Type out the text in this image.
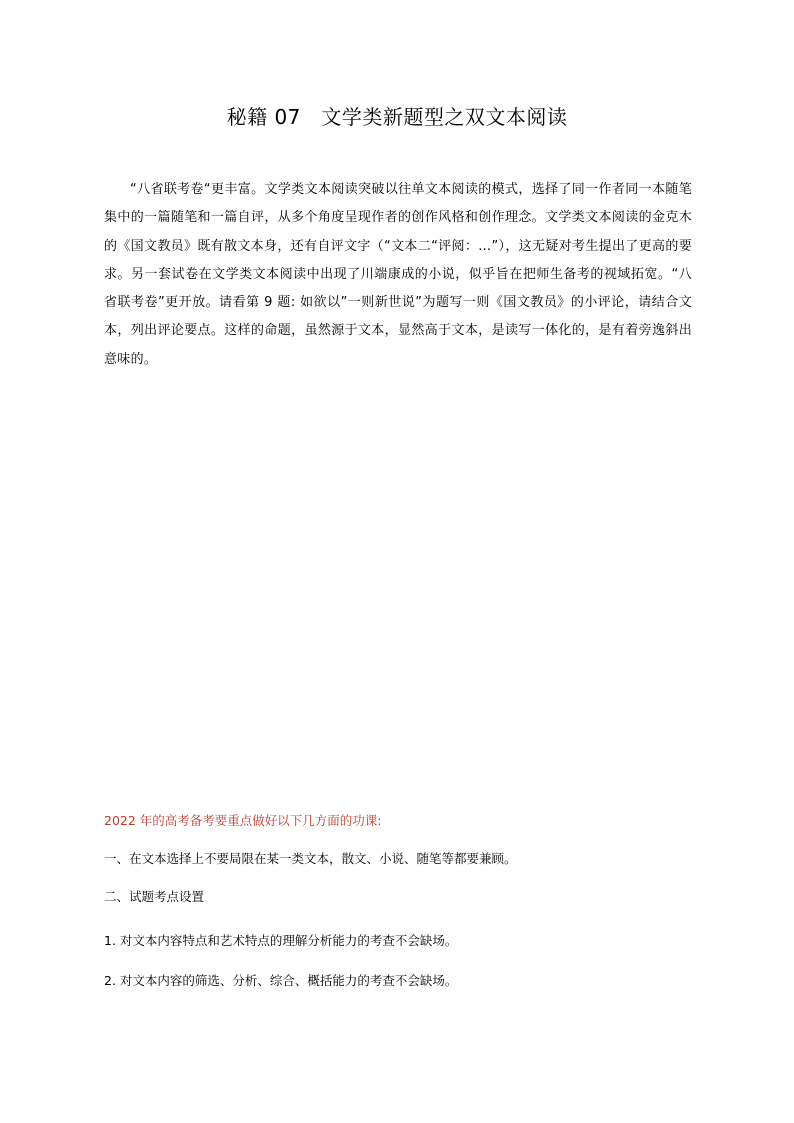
秘籍 07　文学类新题型之双文本阅读

“八省联考卷“更丰富。文学类文本阅读突破以往单文本阅读的模式，选择了同一作者同一本随笔集中的一篇随笔和一篇自评，从多个角度呈现作者的创作风格和创作理念。文学类文本阅读的金克木的《国文教员》既有散文本身，还有自评文字（“文本二“评阅：…”），这无疑对考生提出了更高的要求。另一套试卷在文学类文本阅读中出现了川端康成的小说，似乎旨在把师生备考的视域拓宽。“八省联考卷”更开放。请看第 9 题: 如欲以”一则新世说”为题写一则《国文教员》的小评论，请结合文本，列出评论要点。这样的命题，虽然源于文本，显然高于文本，是读写一体化的，是有着旁逸斜出意味的。

2022 年的高考备考要重点做好以下几方面的功课:

一、在文本选择上不要局限在某一类文本，散文、小说、随笔等都要兼顾。

二、试题考点设置

1. 对文本内容特点和艺术特点的理解分析能力的考查不会缺场。

2. 对文本内容的筛选、分析、综合、概括能力的考查不会缺场。
